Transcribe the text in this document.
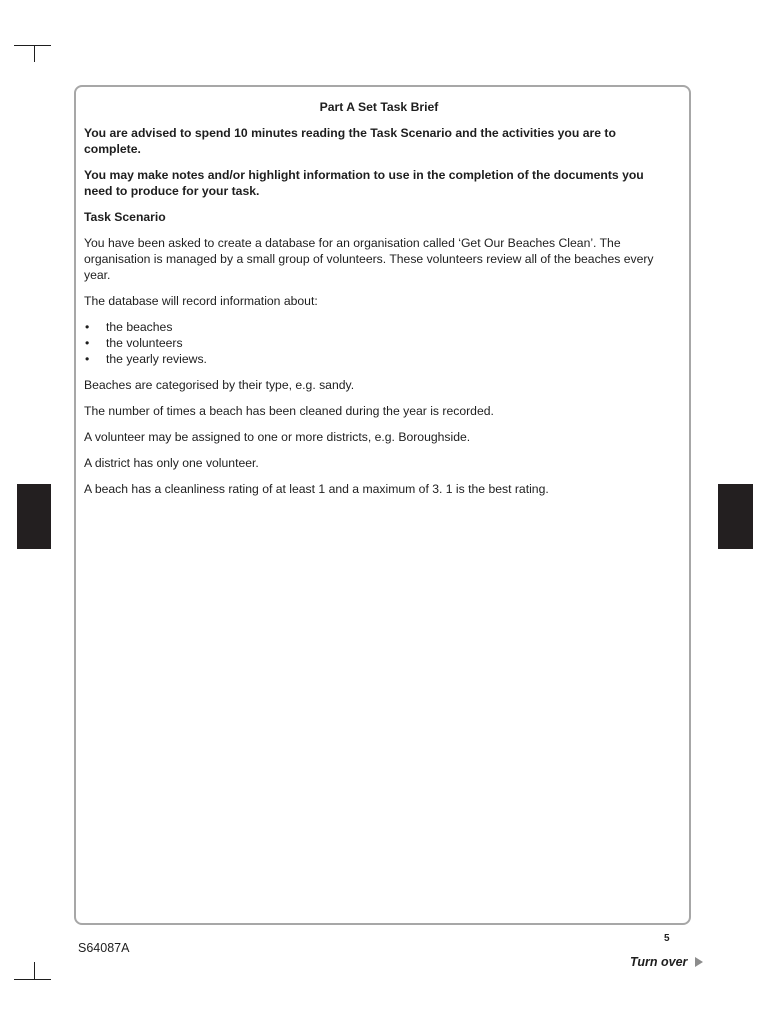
Part A Set Task Brief

You are advised to spend 10 minutes reading the Task Scenario and the activities you are to complete.

You may make notes and/or highlight information to use in the completion of the documents you need to produce for your task.

Task Scenario

You have been asked to create a database for an organisation called ‘Get Our Beaches Clean’. The organisation is managed by a small group of volunteers. These volunteers review all of the beaches every year.

The database will record information about:

• the beaches
• the volunteers
• the yearly reviews.

Beaches are categorised by their type, e.g. sandy.

The number of times a beach has been cleaned during the year is recorded.

A volunteer may be assigned to one or more districts, e.g. Boroughside.

A district has only one volunteer.

A beach has a cleanliness rating of at least 1 and a maximum of 3. 1 is the best rating.

S64087A
5
Turn over
